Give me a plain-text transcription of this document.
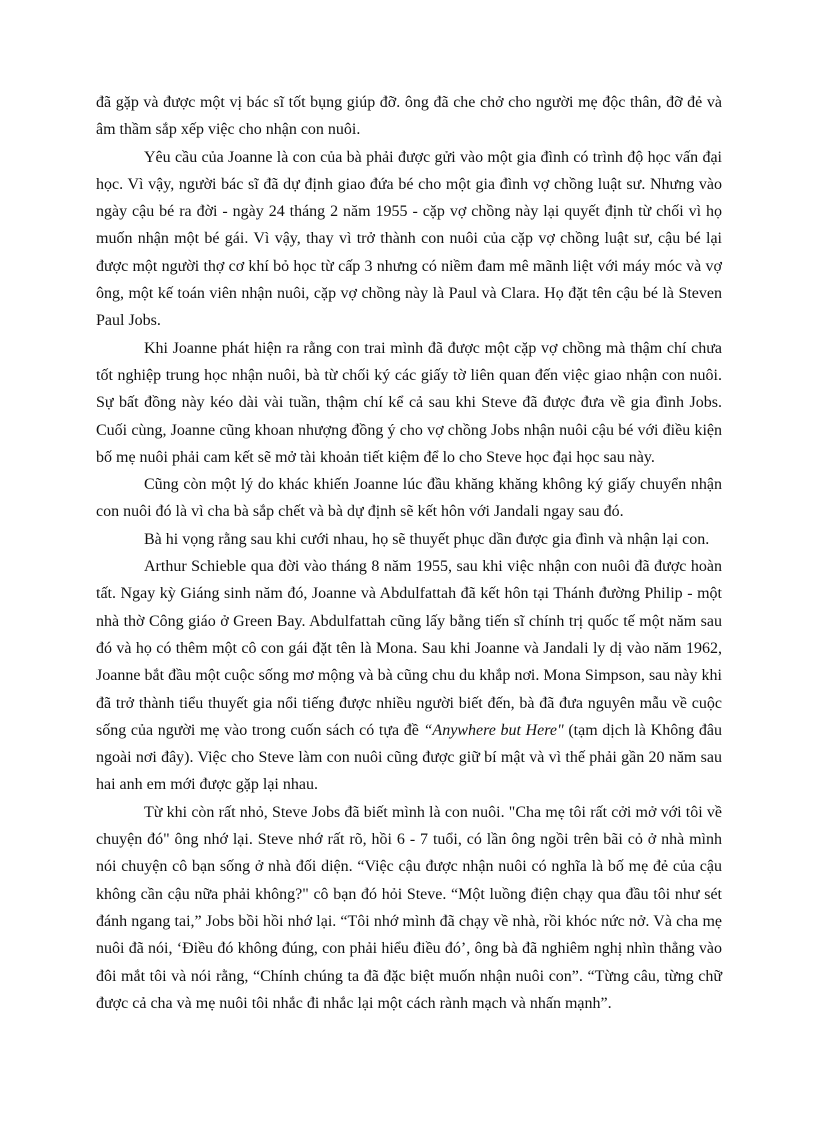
đã gặp và được một vị bác sĩ tốt bụng giúp đỡ. ông đã che chở cho người mẹ độc thân, đỡ đẻ và âm thầm sắp xếp việc cho nhận con nuôi.

Yêu cầu của Joanne là con của bà phải được gửi vào một gia đình có trình độ học vấn đại học. Vì vậy, người bác sĩ đã dự định giao đứa bé cho một gia đình vợ chồng luật sư. Nhưng vào ngày cậu bé ra đời - ngày 24 tháng 2 năm 1955 - cặp vợ chồng này lại quyết định từ chối vì họ muốn nhận một bé gái. Vì vậy, thay vì trở thành con nuôi của cặp vợ chồng luật sư, cậu bé lại được một người thợ cơ khí bỏ học từ cấp 3 nhưng có niềm đam mê mãnh liệt với máy móc và vợ ông, một kế toán viên nhận nuôi, cặp vợ chồng này là Paul và Clara. Họ đặt tên cậu bé là Steven Paul Jobs.

Khi Joanne phát hiện ra rằng con trai mình đã được một cặp vợ chồng mà thậm chí chưa tốt nghiệp trung học nhận nuôi, bà từ chối ký các giấy tờ liên quan đến việc giao nhận con nuôi. Sự bất đồng này kéo dài vài tuần, thậm chí kể cả sau khi Steve đã được đưa về gia đình Jobs. Cuối cùng, Joanne cũng khoan nhượng đồng ý cho vợ chồng Jobs nhận nuôi cậu bé với điều kiện bố mẹ nuôi phải cam kết sẽ mở tài khoản tiết kiệm để lo cho Steve học đại học sau này.

Cũng còn một lý do khác khiến Joanne lúc đầu khăng khăng không ký giấy chuyển nhận con nuôi đó là vì cha bà sắp chết và bà dự định sẽ kết hôn với Jandali ngay sau đó.

Bà hi vọng rằng sau khi cưới nhau, họ sẽ thuyết phục dần được gia đình và nhận lại con.

Arthur Schieble qua đời vào tháng 8 năm 1955, sau khi việc nhận con nuôi đã được hoàn tất. Ngay kỳ Giáng sinh năm đó, Joanne và Abdulfattah đã kết hôn tại Thánh đường Philip - một nhà thờ Công giáo ở Green Bay. Abdulfattah cũng lấy bằng tiến sĩ chính trị quốc tế một năm sau đó và họ có thêm một cô con gái đặt tên là Mona. Sau khi Joanne và Jandali ly dị vào năm 1962, Joanne bắt đầu một cuộc sống mơ mộng và bà cũng chu du khắp nơi. Mona Simpson, sau này khi đã trở thành tiểu thuyết gia nổi tiếng được nhiều người biết đến, bà đã đưa nguyên mẫu về cuộc sống của người mẹ vào trong cuốn sách có tựa đề “Anywhere but Here" (tạm dịch là Không đâu ngoài nơi đây). Việc cho Steve làm con nuôi cũng được giữ bí mật và vì thế phải gần 20 năm sau hai anh em mới được gặp lại nhau.

Từ khi còn rất nhỏ, Steve Jobs đã biết mình là con nuôi. "Cha mẹ tôi rất cởi mở với tôi về chuyện đó" ông nhớ lại. Steve nhớ rất rõ, hồi 6 - 7 tuổi, có lần ông ngồi trên bãi cỏ ở nhà mình nói chuyện cô bạn sống ở nhà đối diện. “Việc cậu được nhận nuôi có nghĩa là bố mẹ đẻ của cậu không cần cậu nữa phải không?" cô bạn đó hỏi Steve. “Một luồng điện chạy qua đầu tôi như sét đánh ngang tai,” Jobs bồi hồi nhớ lại. “Tôi nhớ mình đã chạy về nhà, rồi khóc nức nở. Và cha mẹ nuôi đã nói, ‘Điều đó không đúng, con phải hiểu điều đó’, ông bà đã nghiêm nghị nhìn thẳng vào đôi mắt tôi và nói rằng, “Chính chúng ta đã đặc biệt muốn nhận nuôi con”. “Từng câu, từng chữ được cả cha và mẹ nuôi tôi nhắc đi nhắc lại một cách rành mạch và nhấn mạnh”.
